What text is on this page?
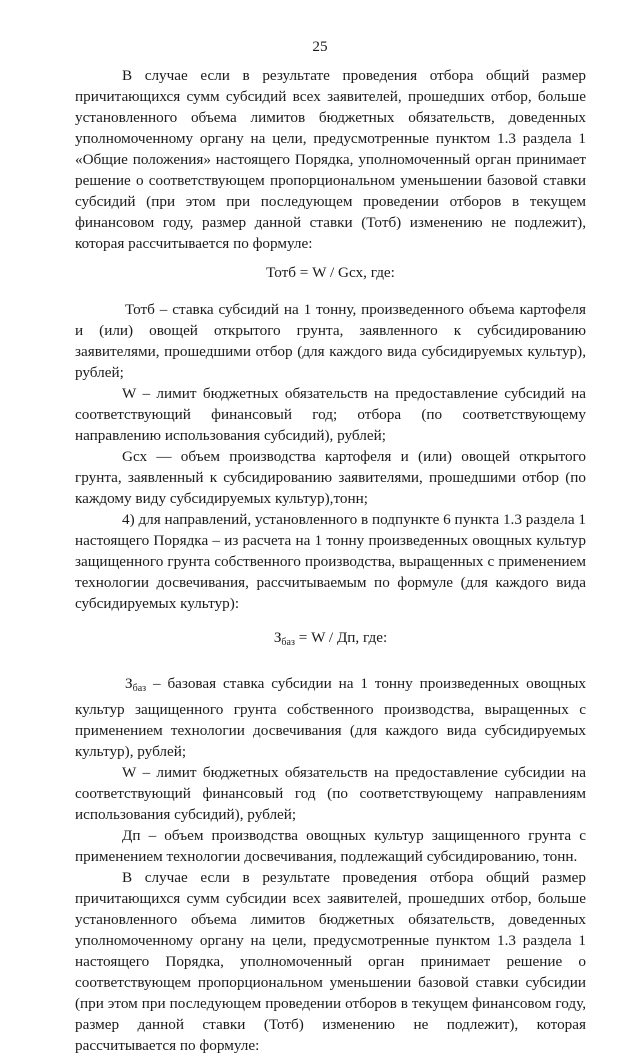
25

В случае если в результате проведения отбора общий размер причитающихся сумм субсидий всех заявителей, прошедших отбор, больше установленного объема лимитов бюджетных обязательств, доведенных уполномоченному органу на цели, предусмотренные пунктом 1.3 раздела 1 «Общие положения» настоящего Порядка, уполномоченный орган принимает решение о соответствующем пропорциональном уменьшении базовой ставки субсидий (при этом при последующем проведении отборов в текущем финансовом году, размер данной ставки (Тотб) изменению не подлежит), которая рассчитывается по формуле:

Тотб = W / Gсх, где:

Тотб – ставка субсидий на 1 тонну, произведенного объема картофеля и (или) овощей открытого грунта, заявленного к субсидированию заявителями, прошедшими отбор (для каждого вида субсидируемых культур), рублей;

W – лимит бюджетных обязательств на предоставление субсидий на соответствующий финансовый год; отбора (по соответствующему направлению использования субсидий), рублей;

Gсх — объем производства картофеля и (или) овощей открытого грунта, заявленный к субсидированию заявителями, прошедшими отбор (по каждому виду субсидируемых культур),тонн;

4) для направлений, установленного в подпункте 6 пункта 1.3 раздела 1 настоящего Порядка – из расчета на 1 тонну произведенных овощных культур защищенного грунта собственного производства, выращенных с применением технологии досвечивания, рассчитываемым по формуле (для каждого вида субсидируемых культур):

$З_{баз} = W$ / Дп, где:

$З_{баз}$ – базовая ставка субсидии на 1 тонну произведенных овощных культур защищенного грунта собственного производства, выращенных с применением технологии досвечивания (для каждого вида субсидируемых культур), рублей;

W – лимит бюджетных обязательств на предоставление субсидии на соответствующий финансовый год (по соответствующему направлениям использования субсидий), рублей;

Дп – объем производства овощных культур защищенного грунта с применением технологии досвечивания, подлежащий субсидированию, тонн.

В случае если в результате проведения отбора общий размер причитающихся сумм субсидии всех заявителей, прошедших отбор, больше установленного объема лимитов бюджетных обязательств, доведенных уполномоченному органу на цели, предусмотренные пунктом 1.3 раздела 1 настоящего Порядка, уполномоченный орган принимает решение о соответствующем пропорциональном уменьшении базовой ставки субсидии (при этом при последующем проведении отборов в текущем финансовом году, размер данной ставки (Тотб) изменению не подлежит), которая рассчитывается по формуле:
